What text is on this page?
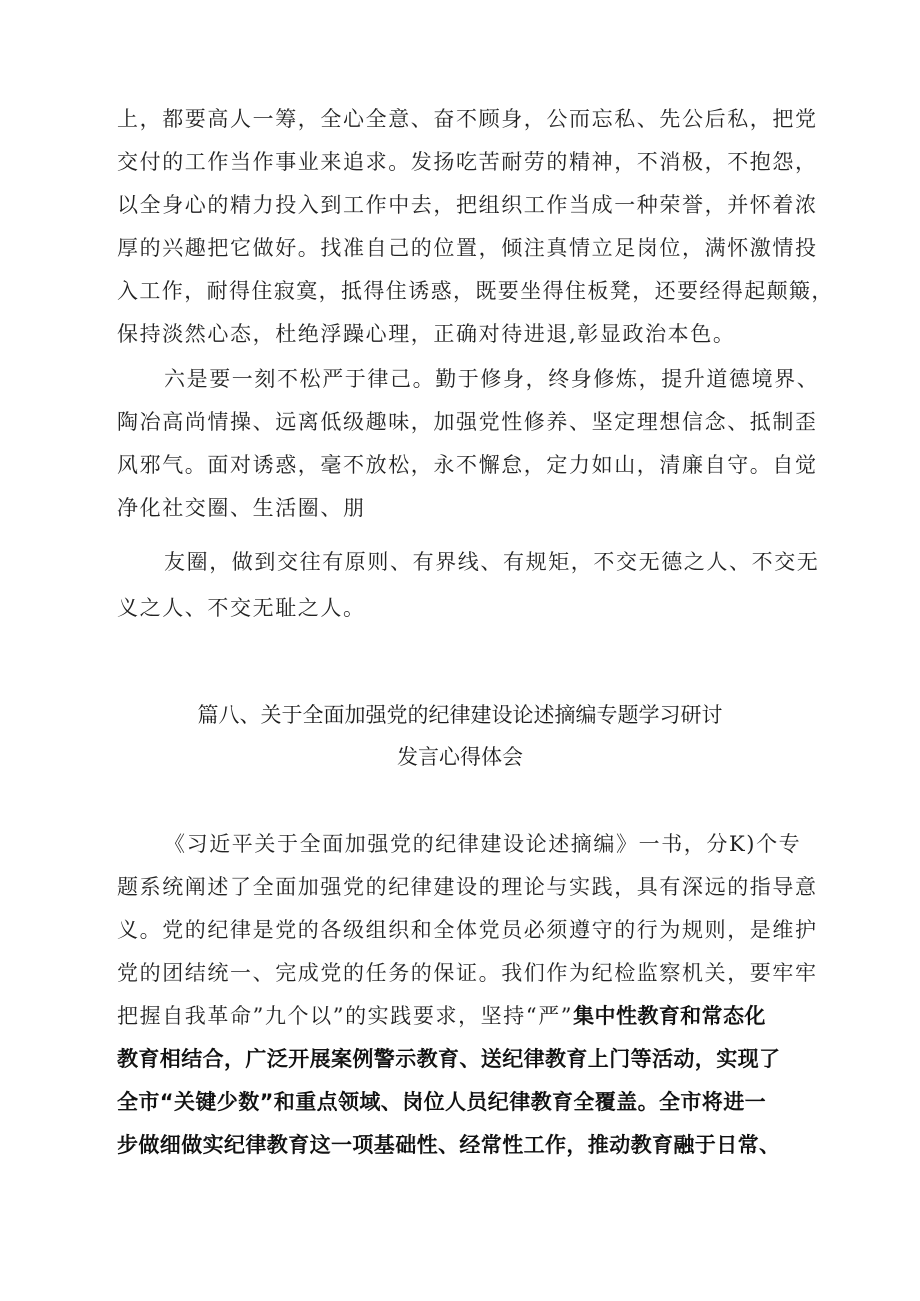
上，都要高人一筹，全心全意、奋不顾身，公而忘私、先公后私，把党
交付的工作当作事业来追求。发扬吃苦耐劳的精神，不消极，不抱怨，
以全身心的精力投入到工作中去，把组织工作当成一种荣誉，并怀着浓
厚的兴趣把它做好。找准自己的位置，倾注真情立足岗位，满怀激情投
入工作，耐得住寂寞，抵得住诱惑，既要坐得住板凳，还要经得起颠簸，
保持淡然心态，杜绝浮躁心理，正确对待进退,彰显政治本色。
六是要一刻不松严于律己。勤于修身，终身修炼，提升道德境界、
陶冶高尚情操、远离低级趣味，加强党性修养、坚定理想信念、抵制歪
风邪气。面对诱惑，毫不放松，永不懈怠，定力如山，清廉自守。自觉
净化社交圈、生活圈、朋
友圈，做到交往有原则、有界线、有规矩，不交无德之人、不交无
义之人、不交无耻之人。
篇八、关于全面加强党的纪律建设论述摘编专题学习研讨
发言心得体会
《习近平关于全面加强党的纪律建设论述摘编》一书，分K)个专
题系统阐述了全面加强党的纪律建设的理论与实践，具有深远的指导意
义。党的纪律是党的各级组织和全体党员必须遵守的行为规则，是维护
党的团结统一、完成党的任务的保证。我们作为纪检监察机关，要牢牢
把握自我革命”九个以”的实践要求，坚持“严”集中性教育和常态化
教育相结合，广泛开展案例警示教育、送纪律教育上门等活动，实现了
全市“关键少数”和重点领域、岗位人员纪律教育全覆盖。全市将进一
步做细做实纪律教育这一项基础性、经常性工作，推动教育融于日常、
